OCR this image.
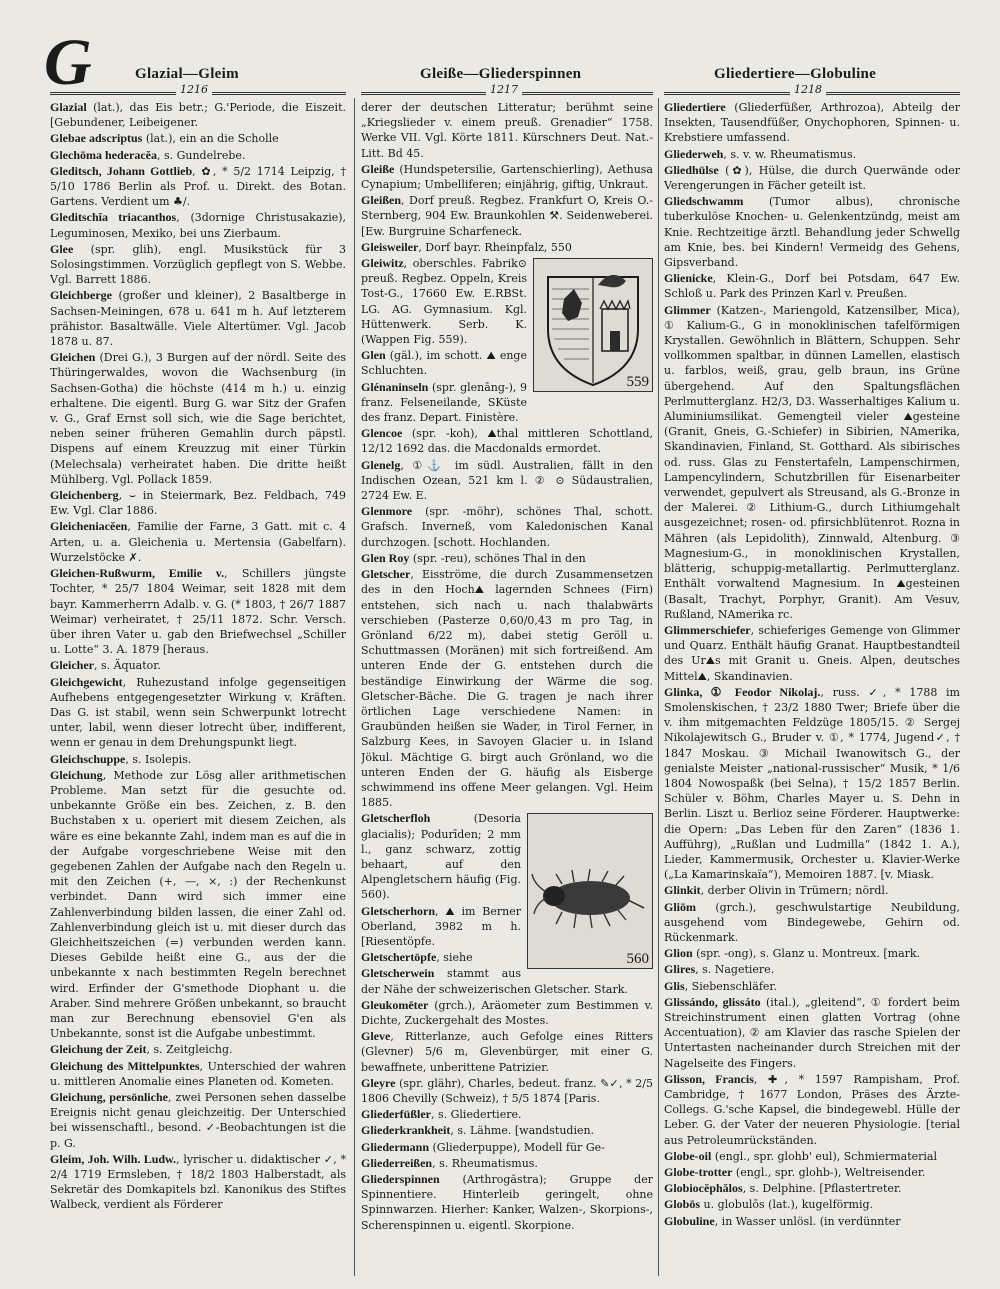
G	Glazial—Gleim	Gleiße—Gliederspinnen	Gliedertiere—Globuline
1216	1217	1218
Glazial (lat.), das Eis betr.; G.'Periode, die Eiszeit. [Gebundener, Leibeigener.
Glebae adscriptus (lat.), ein an die Scholle
Glechōma hederacĕa, s. Gundelrebe.
Gleditsch, Johann Gottlieb, ✿, * 5/2 1714 Leipzig, † 5/10 1786 Berlin als Prof. u. Direkt. des Botan. Gartens. Verdient um ♣/.
Gleditschĭa triacanthos, (3dornige Christusakazie), Leguminosen, Mexiko, bei uns Zierbaum.
Glee (spr. glih), engl. Musikstück für 3 Solosingstimmen. Vorzüglich gepflegt von S. Webbe. Vgl. Barrett 1886.
Gleichberge (großer und kleiner), 2 Basaltberge in Sachsen-Meiningen, 678 u. 641 m h. Auf letzterem prähistor. Basaltwälle. Viele Altertümer. Vgl. Jacob 1878 u. 87.
Gleichen (Drei G.), 3 Burgen auf der nördl. Seite des Thüringerwaldes, wovon die Wachsenburg (in Sachsen-Gotha) die höchste (414 m h.) u. einzig erhaltene. Die eigentl. Burg G. war Sitz der Grafen v. G., Graf Ernst soll sich, wie die Sage berichtet, neben seiner früheren Gemahlin durch päpstl. Dispens auf einem Kreuzzug mit einer Türkin (Melechsala) verheiratet haben. Die dritte heißt Mühlberg. Vgl. Pollack 1859.
Gleichenberg, ⌣ in Steiermark, Bez. Feldbach, 749 Ew. Vgl. Clar 1886.
Gleicheniacĕen, Familie der Farne, 3 Gatt. mit c. 4 Arten, u. a. Gleichenia u. Mertensia (Gabelfarn). Wurzelstöcke ✗.
Gleichen-Rußwurm, Emilie v., Schillers jüngste Tochter, * 25/7 1804 Weimar, seit 1828 mit dem bayr. Kammerherrn Adalb. v. G. (* 1803, † 26/7 1887 Weimar) verheiratet, † 25/11 1872. Schr. Versch. über ihren Vater u. gab den Briefwechsel „Schiller u. Lotte“ 3. A. 1879 [heraus.
Gleicher, s. Äquator.
Gleichgewicht, Ruhezustand infolge gegenseitigen Aufhebens entgegengesetzter Wirkung v. Kräften. Das G. ist stabil, wenn sein Schwerpunkt lotrecht unter, labil, wenn dieser lotrecht über, indifferent, wenn er genau in dem Drehungspunkt liegt.
Gleichschuppe, s. Isolepis.
Gleichung, Methode zur Lösg aller arithmetischen Probleme. Man setzt für die gesuchte od. unbekannte Größe ein bes. Zeichen, z. B. den Buchstaben x u. operiert mit diesem Zeichen, als wäre es eine bekannte Zahl, indem man es auf die in der Aufgabe vorgeschriebene Weise mit den gegebenen Zahlen der Aufgabe nach den Regeln u. mit den Zeichen (+, —, ×, :) der Rechenkunst verbindet. Dann wird sich immer eine Zahlenverbindung bilden lassen, die einer Zahl od. Zahlenverbindung gleich ist u. mit dieser durch das Gleichheitszeichen (=) verbunden werden kann. Dieses Gebilde heißt eine G., aus der die unbekannte x nach bestimmten Regeln berechnet wird. Erfinder der G'smethode Diophant u. die Araber. Sind mehrere Größen unbekannt, so braucht man zur Berechnung ebensoviel G'en als Unbekannte, sonst ist die Aufgabe unbestimmt.
Gleichung der Zeit, s. Zeitgleichg.
Gleichung des Mittelpunktes, Unterschied der wahren u. mittleren Anomalie eines Planeten od. Kometen.
Gleichung, persönliche, zwei Personen sehen dasselbe Ereignis nicht genau gleichzeitig. Der Unterschied bei wissenschaftl., besond. ✓-Beobachtungen ist die p. G.
Gleim, Joh. Wilh. Ludw., lyrischer u. didaktischer ✓, * 2/4 1719 Ermsleben, † 18/2 1803 Halberstadt, als Sekretär des Domkapitels bzl. Kanonikus des Stiftes Walbeck, verdient als Förderer
derer der deutschen Litteratur; berühmt seine „Kriegslieder v. einem preuß. Grenadier“ 1758. Werke VII. Vgl. Körte 1811. Kürschners Deut. Nat.-Litt. Bd 45.
Gleiße (Hundspetersilie, Gartenschierling), Aethusa Cynapium; Umbelliferen; einjährig, giftig, Unkraut.
Gleißen, Dorf preuß. Regbez. Frankfurt O, Kreis O.-Sternberg, 904 Ew. Braunkohlen ⚒. Seidenweberei. [Ew. Burgruine Scharfeneck.
Gleisweiler, Dorf bayr. Rheinpfalz, 550
559
Gleiwitz, oberschles. Fabrik⊙ preuß. Regbez. Oppeln, Kreis Tost-G., 17660 Ew. E.RBSt. LG. AG. Gymnasium. Kgl. Hüttenwerk. Serb. K. (Wappen Fig. 559).
Glen (gäl.), im schott. ⛰ enge Schluchten.
Glénaninseln (spr. glenāng-), 9 franz. Felseneilande, SKüste des franz. Depart. Finistère.
Glencoe (spr. -koh), ⛰thal mittleren Schottland, 12/12 1692 das. die Macdonalds ermordet.
Glenelg, ①⚓ im südl. Australien, fällt in den Indischen Ozean, 521 km l. ② ⊙ Südaustralien, 2724 Ew. E.
Glenmore (spr. -möhr), schönes Thal, schott. Grafsch. Inverneß, vom Kaledonischen Kanal durchzogen. [schott. Hochlanden.
Glen Roy (spr. -reu), schönes Thal in den
Gletscher, Eisströme, die durch Zusammensetzen des in den Hoch⛰ lagernden Schnees (Firn) entstehen, sich nach u. nach thalabwärts verschieben (Pasterze 0,60/0,43 m pro Tag, in Grönland 6/22 m), dabei stetig Geröll u. Schuttmassen (Moränen) mit sich fortreißend. Am unteren Ende der G. entstehen durch die beständige Einwirkung der Wärme die sog. Gletscher-Bäche. Die G. tragen je nach ihrer örtlichen Lage verschiedene Namen: in Graubünden heißen sie Wader, in Tirol Ferner, in Salzburg Kees, in Savoyen Glacier u. in Island Jökul. Mächtige G. birgt auch Grönland, wo die unteren Enden der G. häufig als Eisberge schwimmend ins offene Meer gelangen. Vgl. Heim 1885.
560
Gletscherfloh (Desoria glacialis); Podurīden; 2 mm l., ganz schwarz, zottig behaart, auf den Alpengletschern häufig (Fig. 560).
Gletscherhorn, ⛰ im Berner Oberland, 3982 m h. [Riesentöpfe.
Gletschertöpfe, siehe
Gletscherwein stammt aus der Nähe der schweizerischen Gletscher. Stark.
Gleukomēter (grch.), Aräometer zum Bestimmen v. Dichte, Zuckergehalt des Mostes.
Gleve, Ritterlanze, auch Gefolge eines Ritters (Glevner) 5/6 m, Glevenbürger, mit einer G. bewaffnete, unberittene Patrizier.
Gleyre (spr. glähr), Charles, bedeut. franz. ✎✓, * 2/5 1806 Chevilly (Schweiz), † 5/5 1874 [Paris.
Gliederfüßler, s. Gliedertiere.
Gliederkrankheit, s. Lähme. [wandstudien.
Gliedermann (Gliederpuppe), Modell für Ge-
Gliederreißen, s. Rheumatismus.
Gliederspinnen (Arthrogăstra); Gruppe der Spinnentiere. Hinterleib geringelt, ohne Spinnwarzen. Hierher: Kanker, Walzen-, Skorpions-, Scherenspinnen u. eigentl. Skorpione.
Gliedertiere (Gliederfüßer, Arthrozoa), Abteilg der Insekten, Tausendfüßer, Onychophoren, Spinnen- u. Krebstiere umfassend.
Gliederweh, s. v. w. Rheumatismus.
Gliedhülse (✿), Hülse, die durch Querwände oder Verengerungen in Fächer geteilt ist.
Gliedschwamm (Tumor albus), chronische tuberkulöse Knochen- u. Gelenkentzündg, meist am Knie. Rechtzeitige ärztl. Behandlung jeder Schwellg am Knie, bes. bei Kindern! Vermeidg des Gehens, Gipsverband.
Glienicke, Klein-G., Dorf bei Potsdam, 647 Ew. Schloß u. Park des Prinzen Karl v. Preußen.
Glimmer (Katzen-, Mariengold, Katzensilber, Mica), ① Kalium-G., G in monoklinischen tafelförmigen Krystallen. Gewöhnlich in Blättern, Schuppen. Sehr vollkommen spaltbar, in dünnen Lamellen, elastisch u. farblos, weiß, grau, gelb braun, ins Grüne übergehend. Auf den Spaltungsflächen Perlmutterglanz. H2/3, D3. Wasserhaltiges Kalium u. Aluminiumsilikat. Gemengteil vieler ⛰gesteine (Granit, Gneis, G.-Schiefer) in Sibirien, NAmerika, Skandinavien, Finland, St. Gotthard. Als sibirisches od. russ. Glas zu Fenstertafeln, Lampenschirmen, Lampencylindern, Schutzbrillen für Eisenarbeiter verwendet, gepulvert als Streusand, als G.-Bronze in der Malerei. ② Lithium-G., durch Lithiumgehalt ausgezeichnet; rosen- od. pfirsichblütenrot. Rozna in Mähren (als Lepidolith), Zinnwald, Altenburg. ③ Magnesium-G., in monoklinischen Krystallen, blätterig, schuppig-metallartig. Perlmutterglanz. Enthält vorwaltend Magnesium. In ⛰gesteinen (Basalt, Trachyt, Porphyr, Granit). Am Vesuv, Rußland, NAmerika rc.
Glimmerschiefer, schieferiges Gemenge von Glimmer und Quarz. Enthält häufig Granat. Hauptbestandteil des Ur⛰s mit Granit u. Gneis. Alpen, deutsches Mittel⛰, Skandinavien.
Glinka, ① Feodor Nikolaj., russ. ✓, * 1788 im Smolenskischen, † 23/2 1880 Twer; Briefe über die v. ihm mitgemachten Feldzüge 1805/15. ② Sergej Nikolajewitsch G., Bruder v. ①, * 1774, Jugend✓, † 1847 Moskau. ③ Michail Iwanowitsch G., der genialste Meister „national-russischer“ Musik, * 1/6 1804 Nowospaßk (bei Selna), † 15/2 1857 Berlin. Schüler v. Böhm, Charles Mayer u. S. Dehn in Berlin. Liszt u. Berlioz seine Förderer. Hauptwerke: die Opern: „Das Leben für den Zaren“ (1836 1. Aufführg), „Rußlan und Ludmilla“ (1842 1. A.), Lieder, Kammermusik, Orchester u. Klavier-Werke („La Kamarinskaïa“), Memoiren 1887. [v. Miask.
Glinkit, derber Olivin in Trümern; nördl.
Gliōm (grch.), geschwulstartige Neubildung, ausgehend vom Bindegewebe, Gehirn od. Rückenmark.
Glion (spr. -ong), s. Glanz u. Montreux. [mark.
Glires, s. Nagetiere.
Glis, Siebenschläfer.
Glissándo, glissáto (ital.), „gleitend“, ① fordert beim Streichinstrument einen glatten Vortrag (ohne Accentuation), ② am Klavier das rasche Spielen der Untertasten nacheinander durch Streichen mit der Nagelseite des Fingers.
Glisson, Francis, ✚, * 1597 Rampisham, Prof. Cambridge, † 1677 London, Präses des Ärzte-Collegs. G.'sche Kapsel, die bindegewebl. Hülle der Leber. G. der Vater der neueren Physiologie. [terial aus Petroleumrückständen.
Globe-oil (engl., spr. glohb' eul), Schmiermaterial
Globe-trotter (engl., spr. glohb-), Weltreisender.
Globiocĕphălos, s. Delphine. [Pflastertreter.
Globōs u. globulōs (lat.), kugelförmig.
Globuline, in Wasser unlösl. (in verdünnter
